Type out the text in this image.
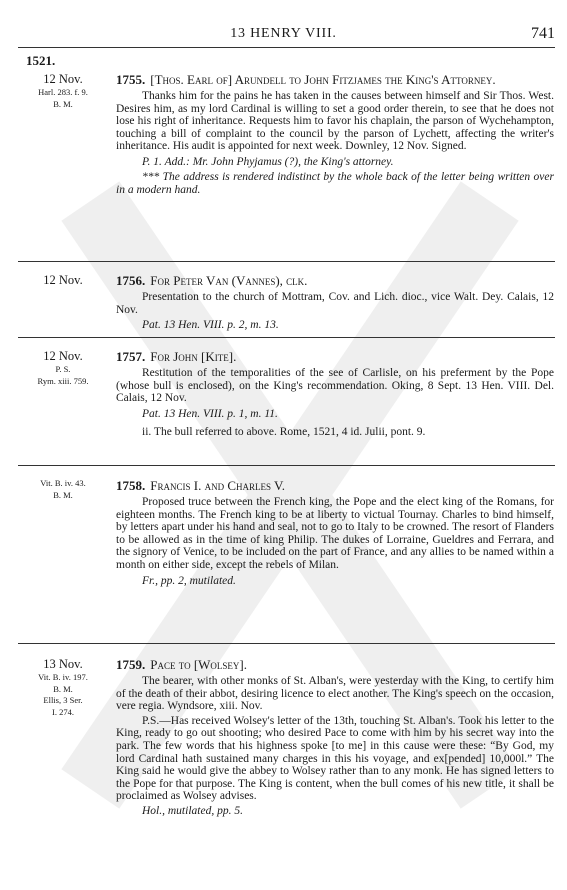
13 HENRY VIII.	741
1521.
12 Nov.
Harl. 283. f. 9.
B. M.
1755. [Thos. Earl of] Arundell to John Fitzjames the King's Attorney.

Thanks him for the pains he has taken in the causes between himself and Sir Thos. West. Desires him, as my lord Cardinal is willing to set a good order therein, to see that he does not lose his right of inheritance. Requests him to favor his chaplain, the parson of Wychehampton, touching a bill of complaint to the council by the parson of Lychett, affecting the writer's inheritance. His audit is appointed for next week. Downley, 12 Nov. Signed.

P. 1. Add.: Mr. John Phyjamus (?), the King's attorney.

*** The address is rendered indistinct by the whole back of the letter being written over in a modern hand.

12 Nov.	1756. For Peter Van (Vannes), clk.

Presentation to the church of Mottram, Cov. and Lich. dioc., vice Walt. Dey. Calais, 12 Nov.

Pat. 13 Hen. VIII. p. 2, m. 13.

12 Nov.
P. S.
Rym. xiii. 759.
1757. For John [Kite].

Restitution of the temporalities of the see of Carlisle, on his preferment by the Pope (whose bull is enclosed), on the King's recommendation. Oking, 8 Sept. 13 Hen. VIII. Del. Calais, 12 Nov.

Pat. 13 Hen. VIII. p. 1, m. 11.

ii. The bull referred to above. Rome, 1521, 4 id. Julii, pont. 9.

Vit. B. iv. 43.
B. M.
1758. Francis I. and Charles V.

Proposed truce between the French king, the Pope and the elect king of the Romans, for eighteen months. The French king to be at liberty to victual Tournay. Charles to bind himself, by letters apart under his hand and seal, not to go to Italy to be crowned. The resort of Flanders to be allowed as in the time of king Philip. The dukes of Lorraine, Gueldres and Ferrara, and the signory of Venice, to be included on the part of France, and any allies to be named within a month on either side, except the rebels of Milan.

Fr., pp. 2, mutilated.

13 Nov.
Vit. B. iv. 197.
B. M.
Ellis, 3 Ser.
I. 274.
1759. Pace to [Wolsey].

The bearer, with other monks of St. Alban's, were yesterday with the King, to certify him of the death of their abbot, desiring licence to elect another. The King's speech on the occasion, vere regia. Wyndsore, xiii. Nov.

P.S.—Has received Wolsey's letter of the 13th, touching St. Alban's. Took his letter to the King, ready to go out shooting; who desired Pace to come with him by his secret way into the park. The few words that his highness spoke [to me] in this cause were these: “By God, my lord Cardinal hath sustained many charges in this his voyage, and ex[pended] 10,000l.” The King said he would give the abbey to Wolsey rather than to any monk. He has signed letters to the Pope for that purpose. The King is content, when the bull comes of his new title, it shall be proclaimed as Wolsey advises.

Hol., mutilated, pp. 5.
